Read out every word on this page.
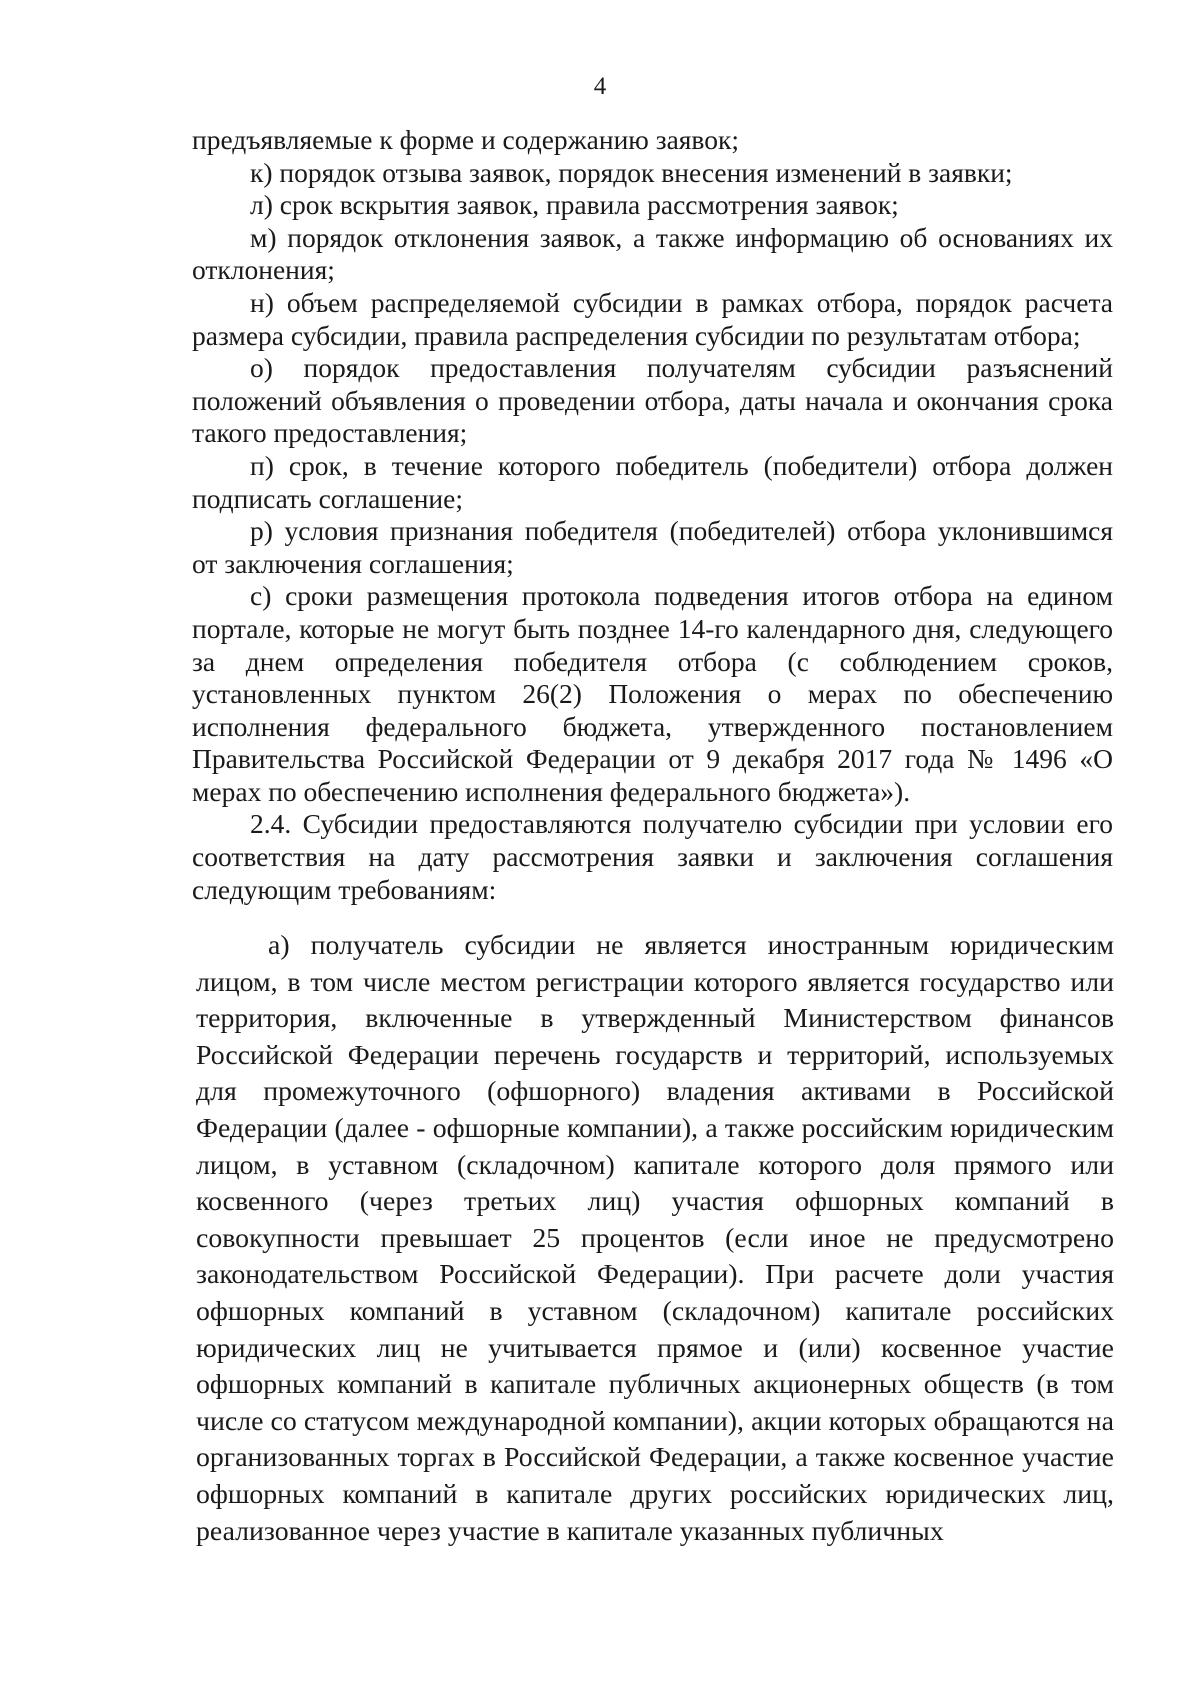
4

предъявляемые к форме и содержанию заявок;

к) порядок отзыва заявок, порядок внесения изменений в заявки;

л) срок вскрытия заявок, правила рассмотрения заявок;

м) порядок отклонения заявок, а также информацию об основаниях их отклонения;

н) объем распределяемой субсидии в рамках отбора, порядок расчета размера субсидии, правила распределения субсидии по результатам отбора;

о) порядок предоставления получателям субсидии разъяснений положений объявления о проведении отбора, даты начала и окончания срока такого предоставления;

п) срок, в течение которого победитель (победители) отбора должен подписать соглашение;

р) условия признания победителя (победителей) отбора уклонившимся от заключения соглашения;

с) сроки размещения протокола подведения итогов отбора на едином портале, которые не могут быть позднее 14-го календарного дня, следующего за днем определения победителя отбора (с соблюдением сроков, установленных пунктом 26(2) Положения о мерах по обеспечению исполнения федерального бюджета, утвержденного постановлением Правительства Российской Федерации от 9 декабря 2017 года № 1496 «О мерах по обеспечению исполнения федерального бюджета»).

2.4. Субсидии предоставляются получателю субсидии при условии его соответствия на дату рассмотрения заявки и заключения соглашения следующим требованиям:

а) получатель субсидии не является иностранным юридическим лицом, в том числе местом регистрации которого является государство или территория, включенные в утвержденный Министерством финансов Российской Федерации перечень государств и территорий, используемых для промежуточного (офшорного) владения активами в Российской Федерации (далее - офшорные компании), а также российским юридическим лицом, в уставном (складочном) капитале которого доля прямого или косвенного (через третьих лиц) участия офшорных компаний в совокупности превышает 25 процентов (если иное не предусмотрено законодательством Российской Федерации). При расчете доли участия офшорных компаний в уставном (складочном) капитале российских юридических лиц не учитывается прямое и (или) косвенное участие офшорных компаний в капитале публичных акционерных обществ (в том числе со статусом международной компании), акции которых обращаются на организованных торгах в Российской Федерации, а также косвенное участие офшорных компаний в капитале других российских юридических лиц, реализованное через участие в капитале указанных публичных
